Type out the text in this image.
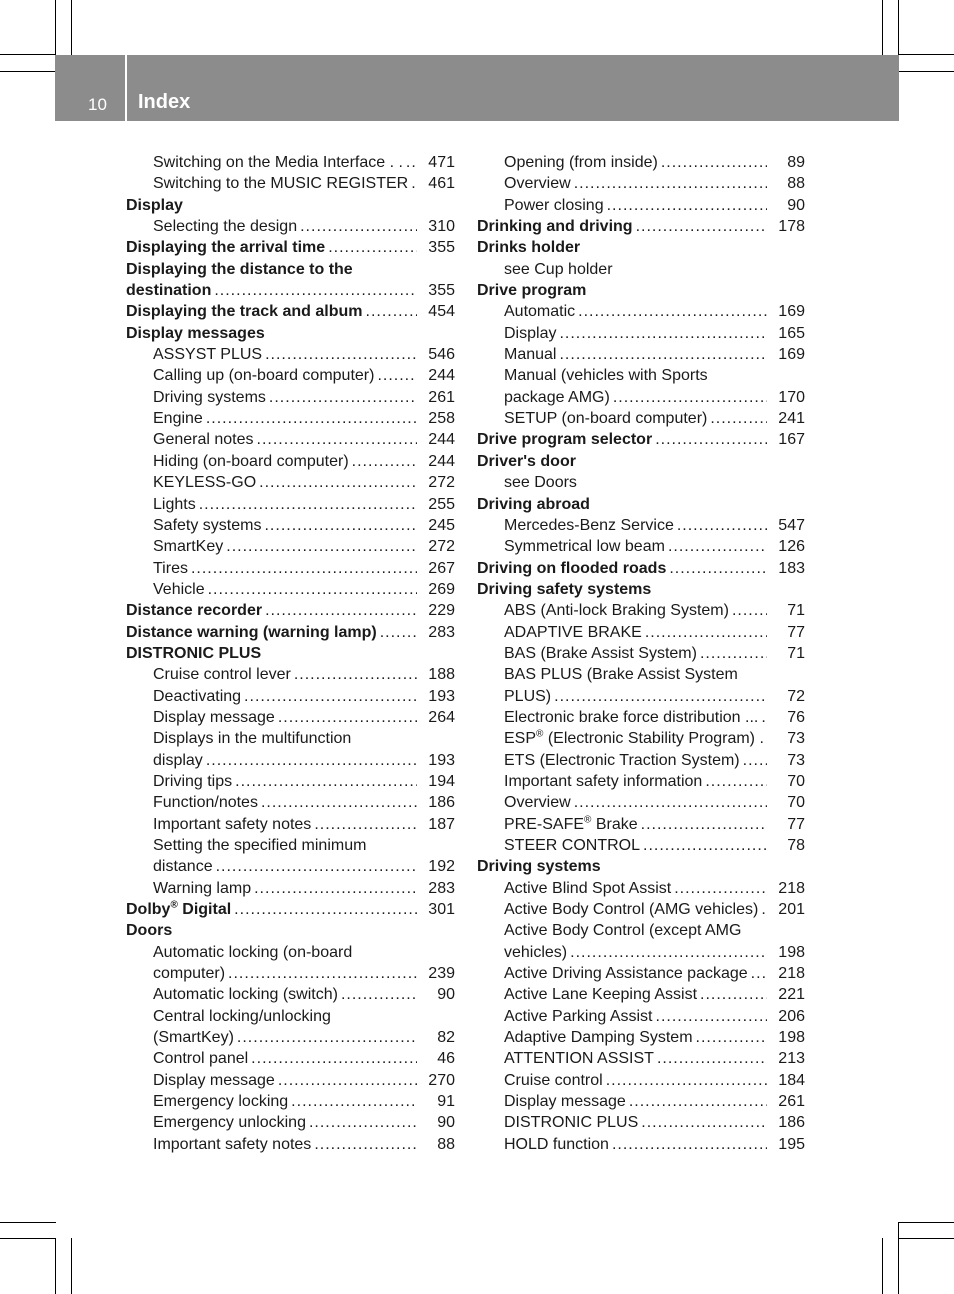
10 Index
Switching on the Media Interface . . .....	471
Switching to the MUSIC REGISTER .....	461
Display
Selecting the design .....	310
Displaying the arrival time .....	355
Displaying the distance to the
destination .....	355
Displaying the track and album .....	454
Display messages
ASSYST PLUS .....	546
Calling up (on-board computer) .....	244
Driving systems .....	261
Engine .....	258
General notes .....	244
Hiding (on-board computer) .....	244
KEYLESS-GO .....	272
Lights .....	255
Safety systems .....	245
SmartKey .....	272
Tires .....	267
Vehicle .....	269
Distance recorder .....	229
Distance warning (warning lamp) .....	283
DISTRONIC PLUS
Cruise control lever .....	188
Deactivating .....	193
Display message .....	264
Displays in the multifunction
display .....	193
Driving tips .....	194
Function/notes .....	186
Important safety notes .....	187
Setting the specified minimum
distance .....	192
Warning lamp .....	283
Dolby® Digital .....	301
Doors
Automatic locking (on-board
computer) .....	239
Automatic locking (switch) .....	90
Central locking/unlocking
(SmartKey) .....	82
Control panel .....	46
Display message .....	270
Emergency locking .....	91
Emergency unlocking .....	90
Important safety notes .....	88
Opening (from inside) .....	89
Overview .....	88
Power closing .....	90
Drinking and driving .....	178
Drinks holder
see Cup holder
Drive program
Automatic .....	169
Display .....	165
Manual .....	169
Manual (vehicles with Sports
package AMG) .....	170
SETUP (on-board computer) .....	241
Drive program selector .....	167
Driver's door
see Doors
Driving abroad
Mercedes-Benz Service .....	547
Symmetrical low beam .....	126
Driving on flooded roads .....	183
Driving safety systems
ABS (Anti-lock Braking System) .....	71
ADAPTIVE BRAKE .....	77
BAS (Brake Assist System) .....	71
BAS PLUS (Brake Assist System
PLUS) .....	72
Electronic brake force distribution ... .....	76
ESP® (Electronic Stability Program) . .....	73
ETS (Electronic Traction System) .....	73
Important safety information .....	70
Overview .....	70
PRE-SAFE® Brake .....	77
STEER CONTROL .....	78
Driving systems
Active Blind Spot Assist .....	218
Active Body Control (AMG vehicles) .....	201
Active Body Control (except AMG
vehicles) .....	198
Active Driving Assistance package .....	218
Active Lane Keeping Assist .....	221
Active Parking Assist .....	206
Adaptive Damping System .....	198
ATTENTION ASSIST .....	213
Cruise control .....	184
Display message .....	261
DISTRONIC PLUS .....	186
HOLD function .....	195
